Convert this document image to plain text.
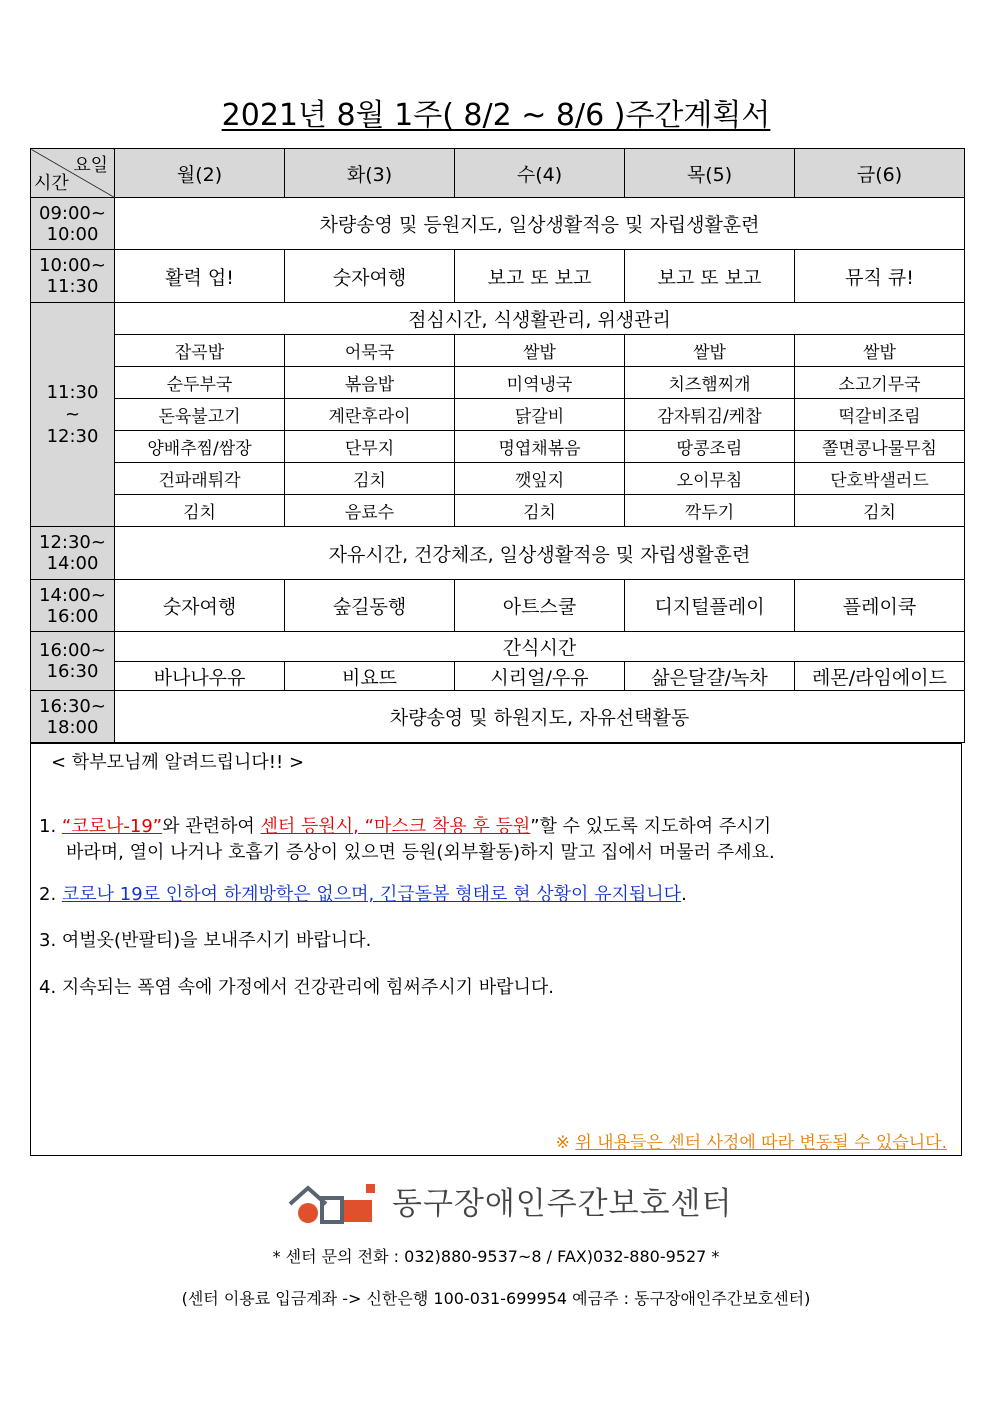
2021년 8월 1주( 8/2 ~ 8/6 )주간계획서
요일
시간	월(2)	화(3)	수(4)	목(5)	금(6)
09:00~
10:00	차량송영 및 등원지도, 일상생활적응 및 자립생활훈련				
10:00~
11:30	활력 업!	숫자여행	보고 또 보고	보고 또 보고	뮤직 큐!
11:30
~
12:30	점심시간, 식생활관리, 위생관리				
	잡곡밥	어묵국	쌀밥	쌀밥	쌀밥
	순두부국	볶음밥	미역냉국	치즈햄찌개	소고기무국
	돈육불고기	계란후라이	닭갈비	감자튀김/케찹	떡갈비조림
	양배추찜/쌈장	단무지	명엽채볶음	땅콩조림	쫄면콩나물무침
	건파래튀각	김치	깻잎지	오이무침	단호박샐러드
	김치	음료수	김치	깍두기	김치
12:30~
14:00	자유시간, 건강체조, 일상생활적응 및 자립생활훈련				
14:00~
16:00	숫자여행	숲길동행	아트스쿨	디지털플레이	플레이쿡
16:00~
16:30	간식시간				
	바나나우유	비요뜨	시리얼/우유	삶은달걀/녹차	레몬/라임에이드
16:30~
18:00	차량송영 및 하원지도, 자유선택활동				
< 학부모님께 알려드립니다!! >
1. “코로나-19”와 관련하여 센터 등원시, “마스크 착용 후 등원”할 수 있도록 지도하여 주시기
바라며, 열이 나거나 호흡기 증상이 있으면 등원(외부활동)하지 말고 집에서 머물러 주세요.
2. 코로나 19로 인하여 하계방학은 없으며, 긴급돌봄 형태로 현 상황이 유지됩니다.
3. 여벌옷(반팔티)을 보내주시기 바랍니다.
4. 지속되는 폭염 속에 가정에서 건강관리에 힘써주시기 바랍니다.
※ 위 내용들은 센터 사정에 따라 변동될 수 있습니다.
동구장애인주간보호센터
* 센터 문의 전화 : 032)880-9537~8 / FAX)032-880-9527 *
(센터 이용료 입금계좌 -> 신한은행 100-031-699954 예금주 : 동구장애인주간보호센터)
